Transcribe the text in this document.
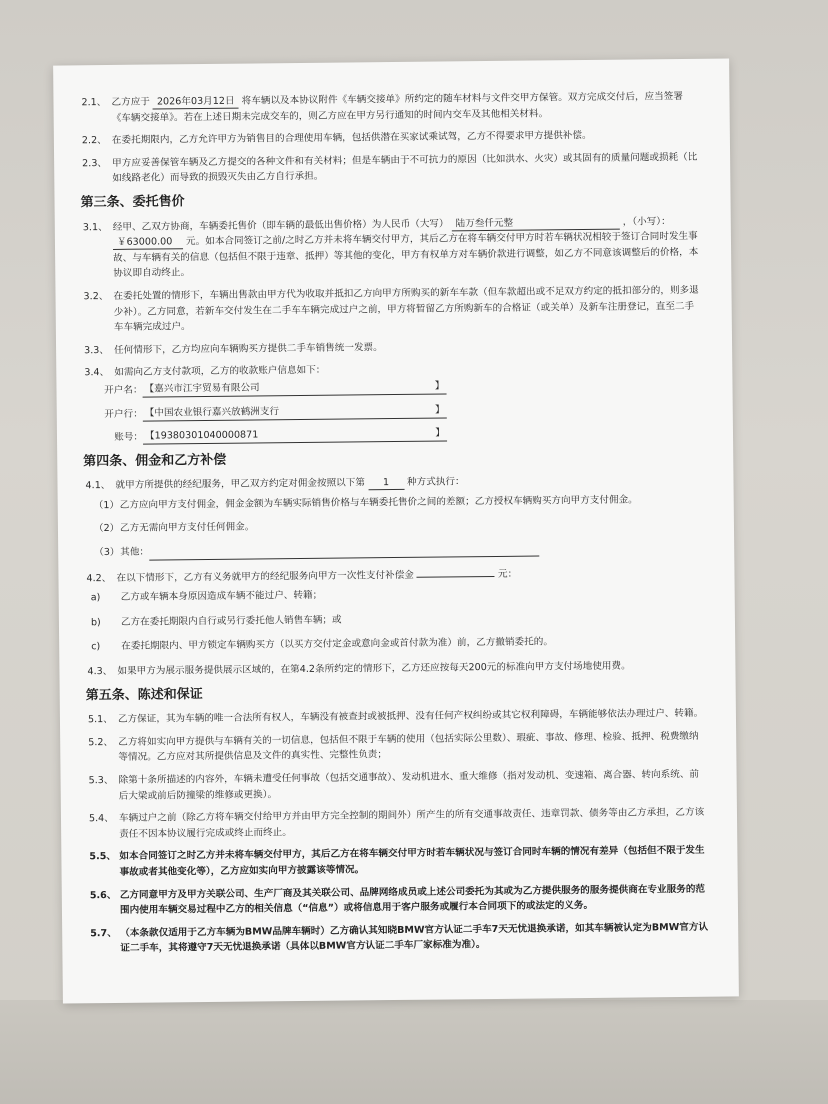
2.1、 乙方应于 2026年03月12日 将车辆以及本协议附件《车辆交接单》所约定的随车材料与文件交甲方保管。双方完成交付后，应当签署《车辆交接单》。若在上述日期未完成交车的，则乙方应在甲方另行通知的时间内交车及其他相关材料。
2.2、 在委托期限内，乙方允许甲方为销售目的合理使用车辆，包括供潜在买家试乘试驾，乙方不得要求甲方提供补偿。
2.3、 甲方应妥善保管车辆及乙方提交的各种文件和有关材料；但是车辆由于不可抗力的原因（比如洪水、火灾）或其固有的质量问题或损耗（比如线路老化）而导致的损毁灭失由乙方自行承担。
第三条、委托售价
3.1、 经甲、乙双方协商，车辆委托售价（即车辆的最低出售价格）为人民币（大写） 陆万叁仟元整	，（小写）： ￥63000.00 元。如本合同签订之前/之时乙方并未将车辆交付甲方，其后乙方在将车辆交付甲方时若车辆状况相较于签订合同时发生事故、与车辆有关的信息（包括但不限于违章、抵押）等其他的变化，甲方有权单方对车辆价款进行调整，如乙方不同意该调整后的价格，本协议即自动终止。
3.2、 在委托处置的情形下，车辆出售款由甲方代为收取并抵扣乙方向甲方所购买的新车车款（但车款超出或不足双方约定的抵扣部分的，则多退少补）。乙方同意，若新车交付发生在二手车车辆完成过户之前，甲方将暂留乙方所购新车的合格证（或关单）及新车注册登记，直至二手车车辆完成过户。
3.3、 任何情形下，乙方均应向车辆购买方提供二手车销售统一发票。
3.4、 如需向乙方支付款项，乙方的收款账户信息如下：
开户名： 【嘉兴市江宇贸易有限公司	】
开户行： 【中国农业银行嘉兴放鹤洲支行	】
账号： 【19380301040000871	】
第四条、佣金和乙方补偿
4.1、 就甲方所提供的经纪服务，甲乙双方约定对佣金按照以下第 1 种方式执行：
（1） 乙方应向甲方支付佣金，佣金金额为车辆实际销售价格与车辆委托售价之间的差额；乙方授权车辆购买方向甲方支付佣金。
（2） 乙方无需向甲方支付任何佣金。
（3） 其他：
4.2、 在以下情形下，乙方有义务就甲方的经纪服务向甲方一次性支付补偿金	元：
a)	乙方或车辆本身原因造成车辆不能过户、转籍；
b)	乙方在委托期限内自行或另行委托他人销售车辆；或
c)	在委托期限内、甲方锁定车辆购买方（以买方交付定金或意向金或首付款为准）前，乙方撤销委托的。
4.3、 如果甲方为展示服务提供展示区域的，在第4.2条所约定的情形下，乙方还应按每天200元的标准向甲方支付场地使用费。
第五条、陈述和保证
5.1、 乙方保证，其为车辆的唯一合法所有权人，车辆没有被查封或被抵押、没有任何产权纠纷或其它权利障碍，车辆能够依法办理过户、转籍。
5.2、 乙方将如实向甲方提供与车辆有关的一切信息，包括但不限于车辆的使用（包括实际公里数）、瑕疵、事故、修理、检验、抵押、税费缴纳等情况。乙方应对其所提供信息及文件的真实性、完整性负责；
5.3、 除第十条所描述的内容外，车辆未遭受任何事故（包括交通事故）、发动机进水、重大维修（指对发动机、变速箱、离合器、转向系统、前后大梁或前后防撞梁的维修或更换）。
5.4、 车辆过户之前（除乙方将车辆交付给甲方并由甲方完全控制的期间外）所产生的所有交通事故责任、违章罚款、债务等由乙方承担，乙方该责任不因本协议履行完成或终止而终止。
5.5、 如本合同签订之时乙方并未将车辆交付甲方，其后乙方在将车辆交付甲方时若车辆状况与签订合同时车辆的情况有差异（包括但不限于发生事故或者其他变化等），乙方应如实向甲方披露该等情况。
5.6、 乙方同意甲方及甲方关联公司、生产厂商及其关联公司、品牌网络成员或上述公司委托为其或为乙方提供服务的服务提供商在专业服务的范围内使用车辆交易过程中乙方的相关信息（“信息”）或将信息用于客户服务或履行本合同项下的或法定的义务。
5.7、 （本条款仅适用于乙方车辆为BMW品牌车辆时）乙方确认其知晓BMW官方认证二手车7天无忧退换承诺，如其车辆被认定为BMW官方认证二手车，其将遵守7天无忧退换承诺（具体以BMW官方认证二手车厂家标准为准）。
